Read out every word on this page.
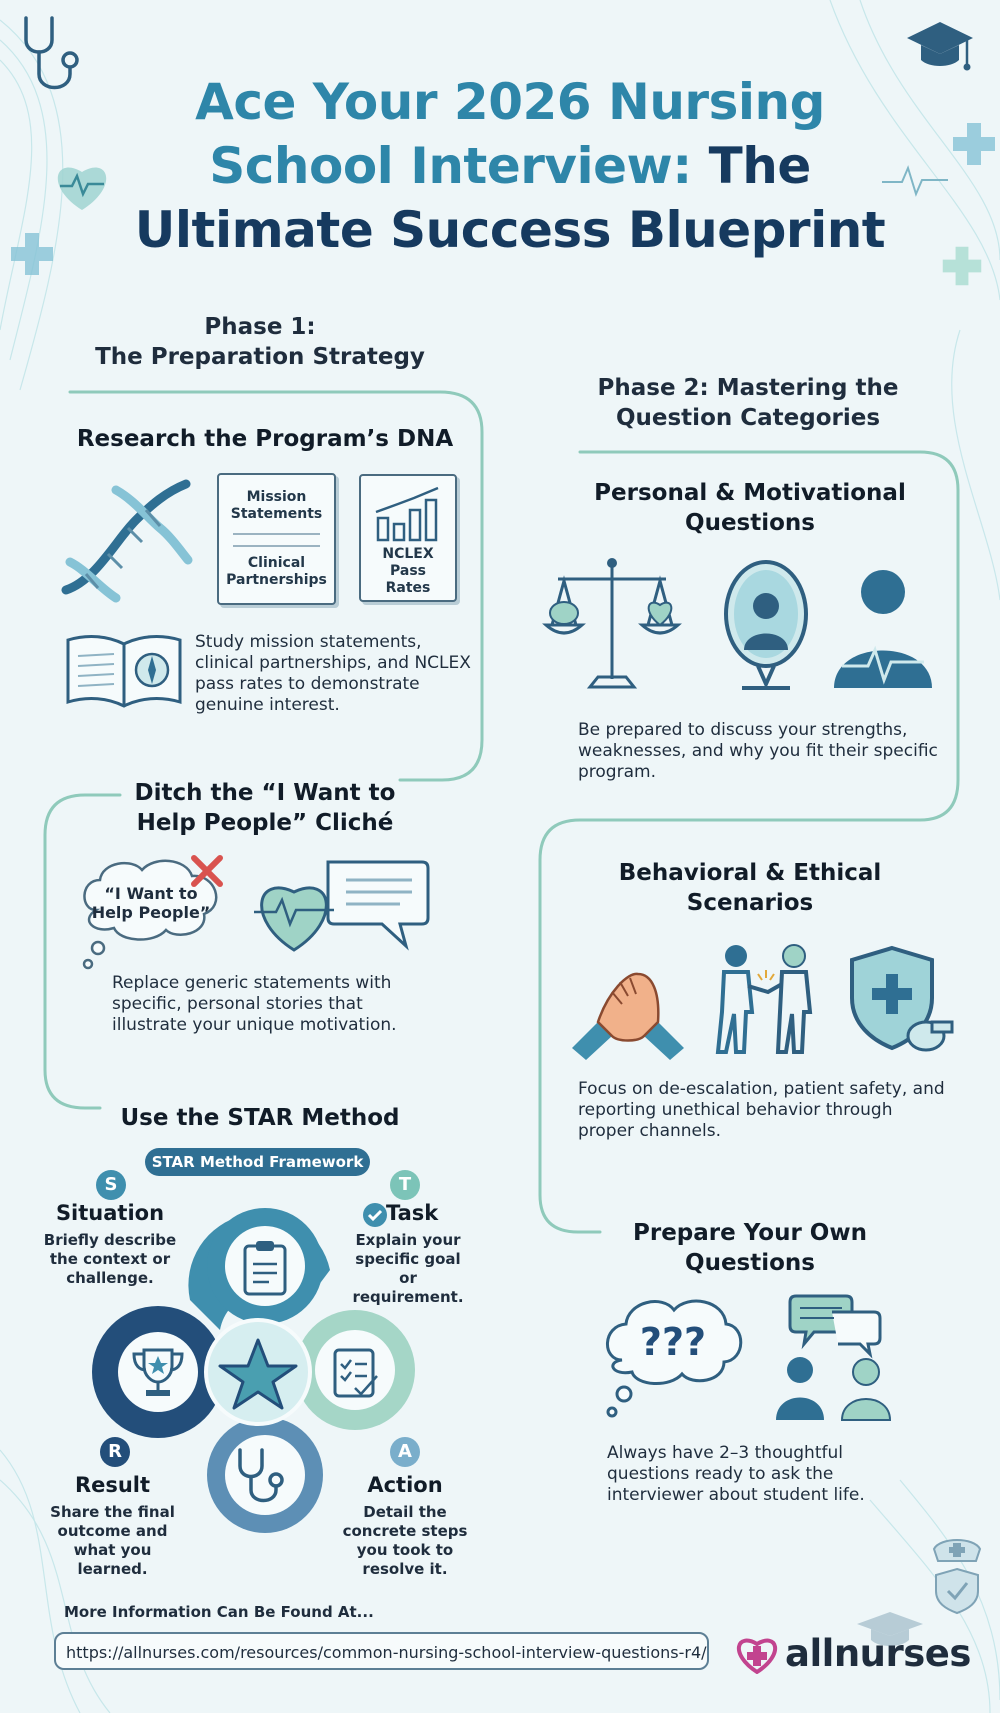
Ace Your 2026 Nursing
School Interview: The
Ultimate Success Blueprint
Phase 1:
The Preparation Strategy
Phase 2: Mastering the
Question Categories
Research the Program’s DNA
Mission Statements
Clinical Partnerships
NCLEX Pass Rates
Study mission statements, clinical partnerships, and NCLEX pass rates to demonstrate genuine interest.
Ditch the “I Want to
Help People” Cliché
“I Want to
Help People”
Replace generic statements with specific, personal stories that illustrate your unique motivation.
Use the STAR Method
STAR Method Framework
S
Situation
Briefly describe the context or challenge.
T
Task
Explain your specific goal or requirement.
R
Result
Share the final outcome and what you learned.
A
Action
Detail the concrete steps you took to resolve it.
Personal & Motivational
Questions
Be prepared to discuss your strengths, weaknesses, and why you fit their specific program.
Behavioral & Ethical
Scenarios
Focus on de-escalation, patient safety, and reporting unethical behavior through proper channels.
Prepare Your Own
Questions
???
Always have 2–3 thoughtful questions ready to ask the interviewer about student life.
More Information Can Be Found At...
https://allnurses.com/resources/common-nursing-school-interview-questions-r4/ allnurses
